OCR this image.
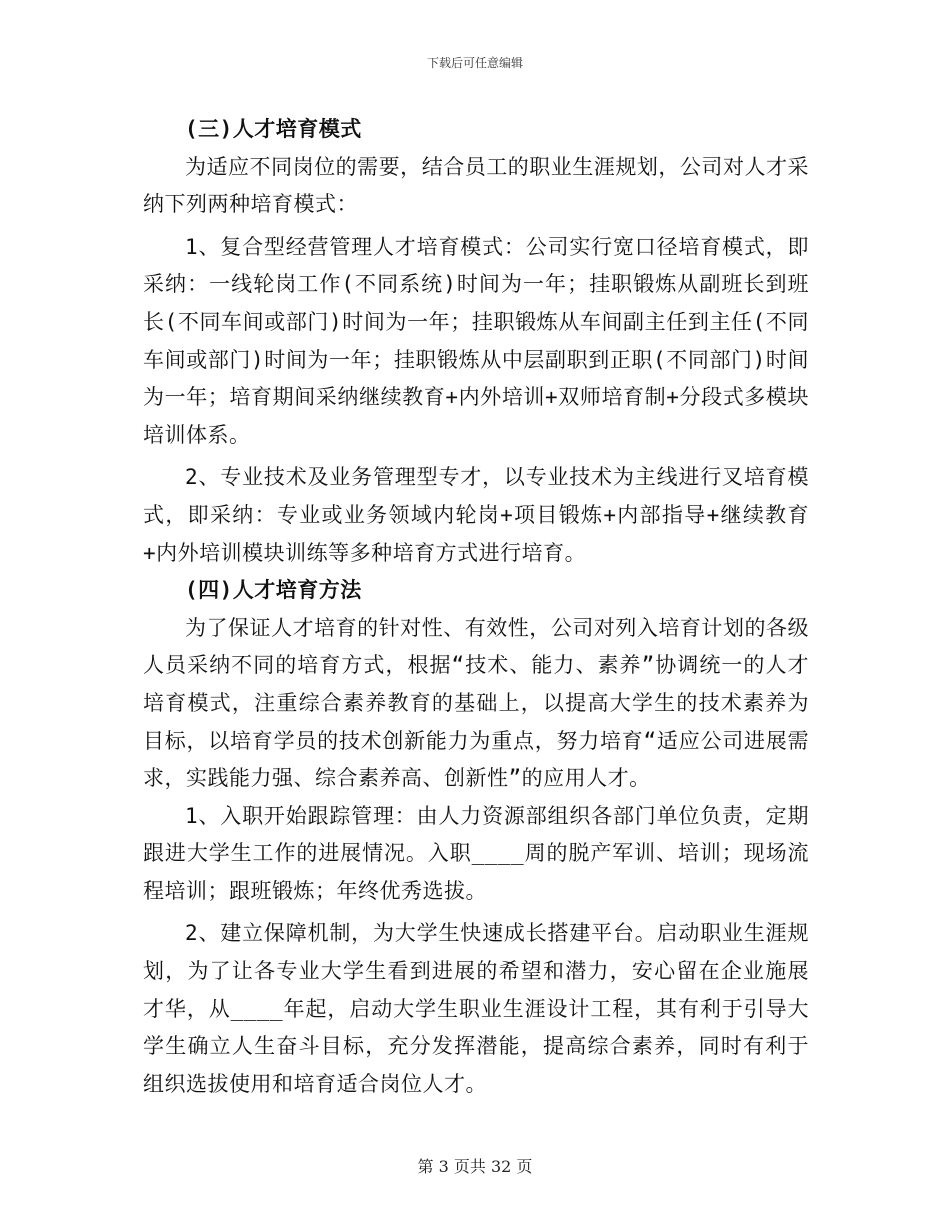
下载后可任意编辑

(三)人才培育模式

为适应不同岗位的需要，结合员工的职业生涯规划，公司对人才采纳下列两种培育模式：

1、复合型经营管理人才培育模式：公司实行宽口径培育模式，即采纳：一线轮岗工作(不同系统)时间为一年；挂职锻炼从副班长到班长(不同车间或部门)时间为一年；挂职锻炼从车间副主任到主任(不同车间或部门)时间为一年；挂职锻炼从中层副职到正职(不同部门)时间为一年；培育期间采纳继续教育+内外培训+双师培育制+分段式多模块培训体系。

2、专业技术及业务管理型专才，以专业技术为主线进行叉培育模式，即采纳：专业或业务领域内轮岗+项目锻炼+内部指导+继续教育+内外培训模块训练等多种培育方式进行培育。

(四)人才培育方法

为了保证人才培育的针对性、有效性，公司对列入培育计划的各级人员采纳不同的培育方式，根据“技术、能力、素养”协调统一的人才培育模式，注重综合素养教育的基础上，以提高大学生的技术素养为目标，以培育学员的技术创新能力为重点，努力培育“适应公司进展需求，实践能力强、综合素养高、创新性”的应用人才。

1、入职开始跟踪管理：由人力资源部组织各部门单位负责，定期跟进大学生工作的进展情况。入职____周的脱产军训、培训；现场流程培训；跟班锻炼；年终优秀选拔。

2、建立保障机制，为大学生快速成长搭建平台。启动职业生涯规划，为了让各专业大学生看到进展的希望和潜力，安心留在企业施展才华，从____年起，启动大学生职业生涯设计工程，其有利于引导大学生确立人生奋斗目标，充分发挥潜能，提高综合素养，同时有利于组织选拔使用和培育适合岗位人才。

第 3 页共 32 页
